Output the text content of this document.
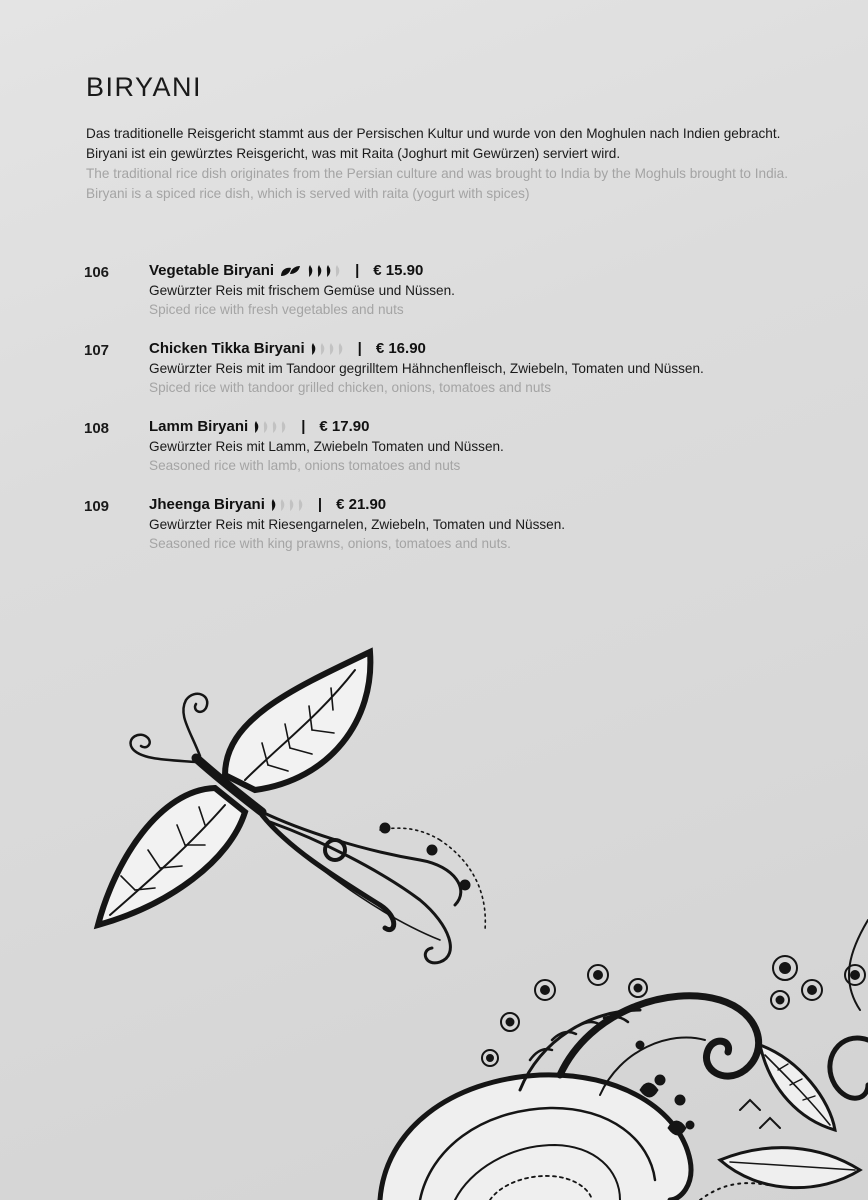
BIRYANI

Das traditionelle Reisgericht stammt aus der Persischen Kultur und wurde von den Moghulen nach Indien gebracht. Biryani ist ein gewürztes Reisgericht, was mit Raita (Joghurt mit Gewürzen) serviert wird.

The traditional rice dish originates from the Persian culture and was brought to India by the Moghuls brought to India. Biryani is a spiced rice dish, which is served with raita (yogurt with spices)

106	Vegetable Biryani	| € 15.90
Gewürzter Reis mit frischem Gemüse und Nüssen.
Spiced rice with fresh vegetables and nuts
107	Chicken Tikka Biryani	| € 16.90
Gewürzter Reis mit im Tandoor gegrilltem Hähnchenfleisch, Zwiebeln, Tomaten und Nüssen.
Spiced rice with tandoor grilled chicken, onions, tomatoes and nuts
108	Lamm Biryani	| € 17.90
Gewürzter Reis mit Lamm, Zwiebeln Tomaten und Nüssen.
Seasoned rice with lamb, onions tomatoes and nuts
109	Jheenga Biryani	| € 21.90
Gewürzter Reis mit Riesengarnelen, Zwiebeln, Tomaten und Nüssen.
Seasoned rice with king prawns, onions, tomatoes and nuts.
